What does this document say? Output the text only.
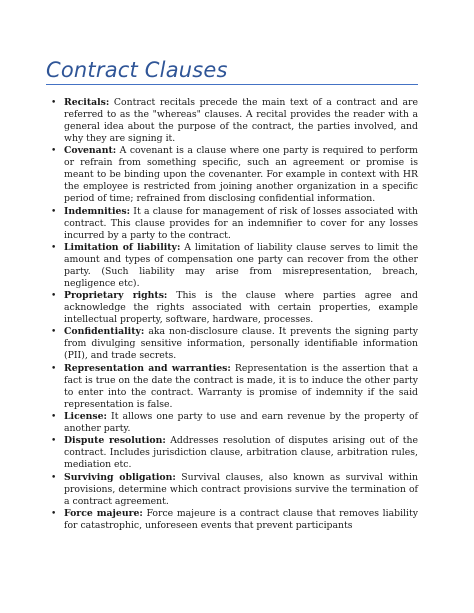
Contract Clauses
• Recitals: Contract recitals precede the main text of a contract and are referred to as the "whereas" clauses. A recital provides the reader with a general idea about the purpose of the contract, the parties involved, and why they are signing it.
• Covenant: A covenant is a clause where one party is required to perform or refrain from something specific, such an agreement or promise is meant to be binding upon the covenanter. For example in context with HR the employee is restricted from joining another organization in a specific period of time; refrained from disclosing confidential information.
• Indemnities: It a clause for management of risk of losses associated with contract. This clause provides for an indemnifier to cover for any losses incurred by a party to the contract.
• Limitation of liability: A limitation of liability clause serves to limit the amount and types of compensation one party can recover from the other party. (Such liability may arise from misrepresentation, breach, negligence etc).
• Proprietary rights: This is the clause where parties agree and acknowledge the rights associated with certain properties, example intellectual property, software, hardware, processes.
• Confidentiality: aka non-disclosure clause. It prevents the signing party from divulging sensitive information, personally identifiable information (PII), and trade secrets.
• Representation and warranties: Representation is the assertion that a fact is true on the date the contract is made, it is to induce the other party to enter into the contract. Warranty is promise of indemnity if the said representation is false.
• License: It allows one party to use and earn revenue by the property of another party.
• Dispute resolution: Addresses resolution of disputes arising out of the contract. Includes jurisdiction clause, arbitration clause, arbitration rules, mediation etc.
• Surviving obligation: Survival clauses, also known as survival within provisions, determine which contract provisions survive the termination of a contract agreement.
• Force majeure: Force majeure is a contract clause that removes liability for catastrophic, unforeseen events that prevent participants
